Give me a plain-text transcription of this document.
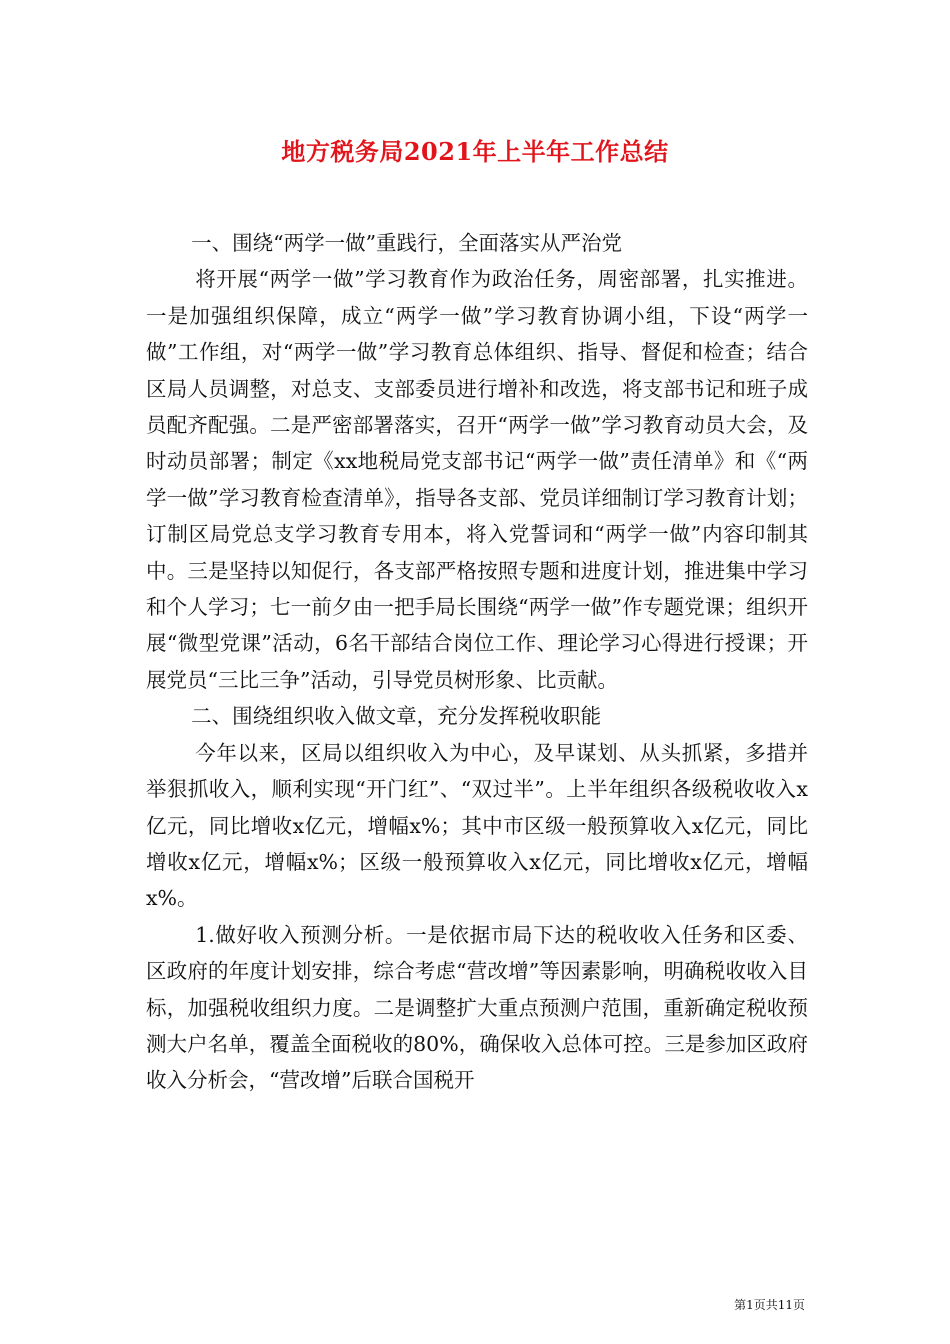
地方税务局2021年上半年工作总结

一、围绕“两学一做”重践行，全面落实从严治党

将开展“两学一做”学习教育作为政治任务，周密部署，扎实推进。一是加强组织保障，成立“两学一做”学习教育协调小组，下设“两学一做”工作组，对“两学一做”学习教育总体组织、指导、督促和检查；结合区局人员调整，对总支、支部委员进行增补和改选，将支部书记和班子成员配齐配强。二是严密部署落实，召开“两学一做”学习教育动员大会，及时动员部署；制定《xx地税局党支部书记“两学一做”责任清单》和《“两学一做”学习教育检查清单》，指导各支部、党员详细制订学习教育计划；订制区局党总支学习教育专用本，将入党誓词和“两学一做”内容印制其中。三是坚持以知促行，各支部严格按照专题和进度计划，推进集中学习和个人学习；七一前夕由一把手局长围绕“两学一做”作专题党课；组织开展“微型党课”活动，6名干部结合岗位工作、理论学习心得进行授课；开展党员“三比三争”活动，引导党员树形象、比贡献。

二、围绕组织收入做文章，充分发挥税收职能

今年以来，区局以组织收入为中心，及早谋划、从头抓紧，多措并举狠抓收入，顺利实现“开门红”、“双过半”。上半年组织各级税收收入x亿元，同比增收x亿元，增幅x%；其中市区级一般预算收入x亿元，同比增收x亿元，增幅x%；区级一般预算收入x亿元，同比增收x亿元，增幅x%。

1.做好收入预测分析。一是依据市局下达的税收收入任务和区委、区政府的年度计划安排，综合考虑“营改增”等因素影响，明确税收收入目标，加强税收组织力度。二是调整扩大重点预测户范围，重新确定税收预测大户名单，覆盖全面税收的80%，确保收入总体可控。三是参加区政府收入分析会，“营改增”后联合国税开

第1页共11页
